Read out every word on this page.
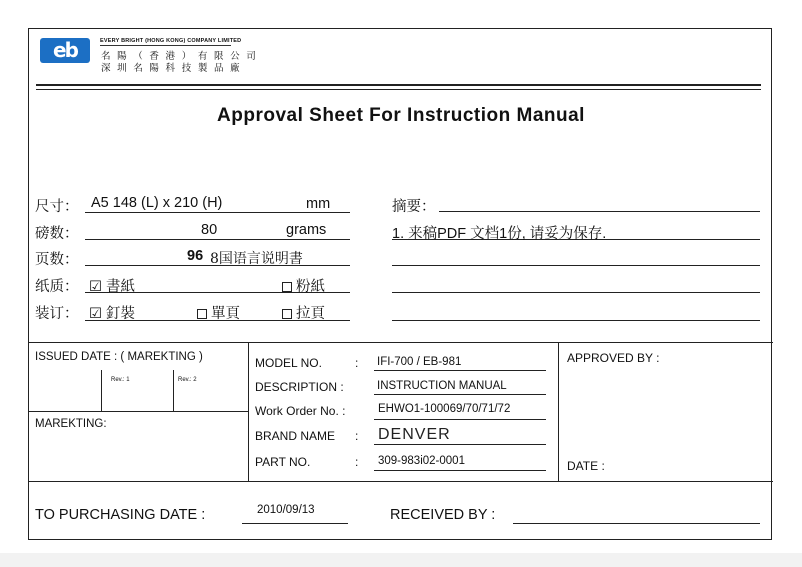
eb	EVERY BRIGHT (HONG KONG) COMPANY LIMITED
名 陽 （ 香 港 ） 有 限 公 司
深 圳 名 陽 科 技 製 品 廠
Approval Sheet For Instruction Manual
尺寸： A5 148 (L) x 210 (H)	mm
磅数：	80	grams
页数：	96 8国语言说明書
纸质： ☑ 書紙	粉紙
装订： ☑ 釘裝	單頁	拉頁
摘要：
1. 来稿PDF 文档1份, 请妥为保存.
ISSUED DATE : ( MAREKTING )
Rev.: 1	Rev.: 2
MAREKTING:
MODEL NO.	: IFI-700 / EB-981
DESCRIPTION :	INSTRUCTION MANUAL
Work Order No. :	EHWO1-100069/70/71/72
BRAND NAME : DENVER
PART NO.	: 309-983i02-0001
APPROVED BY :
DATE :
TO PURCHASING DATE :	2010/09/13	RECEIVED BY :
